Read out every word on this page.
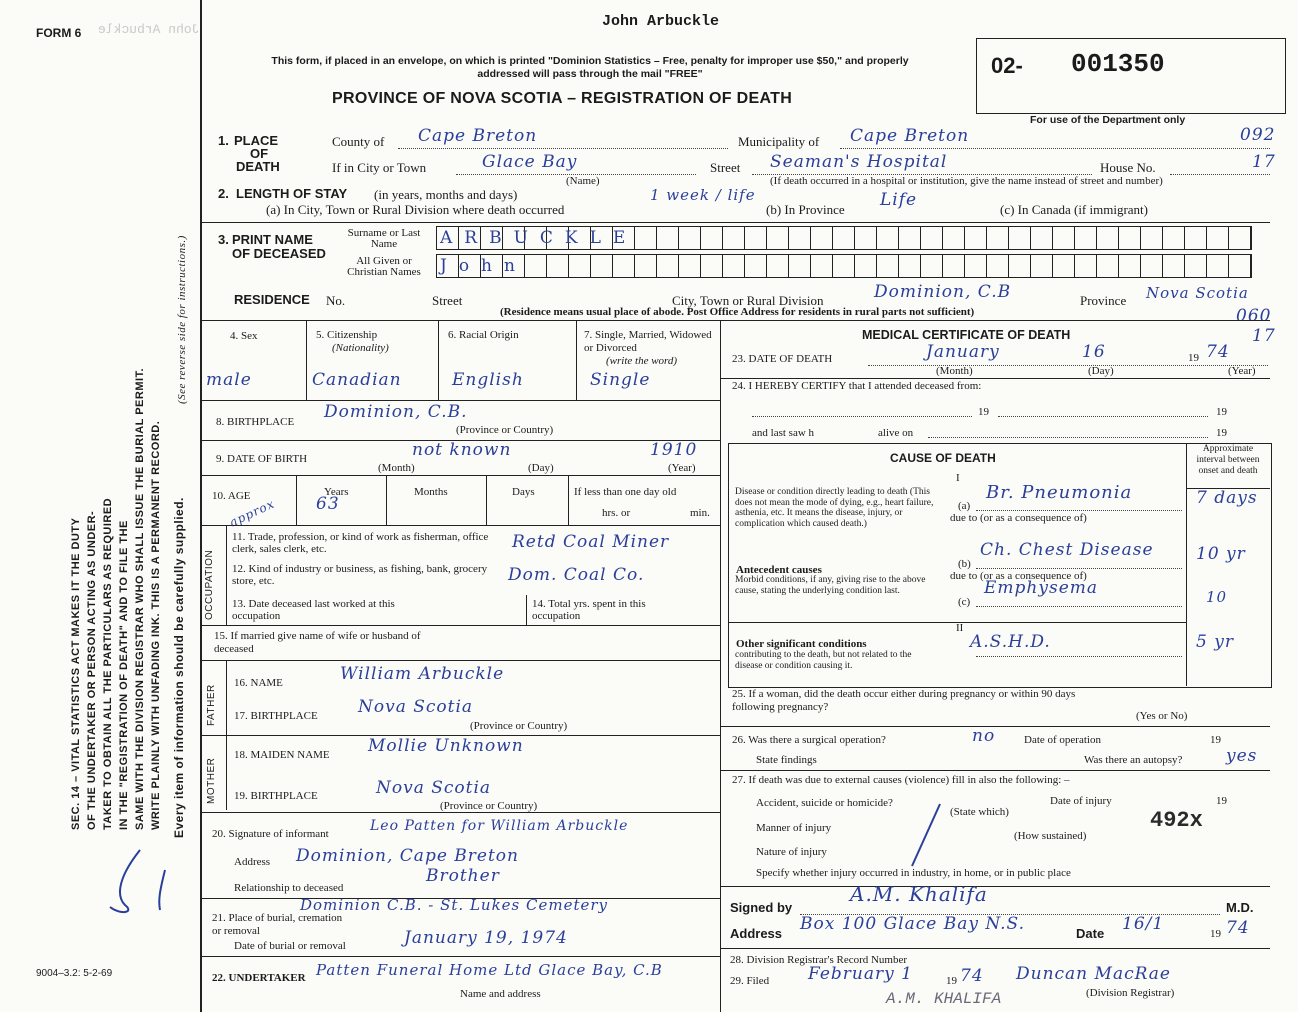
FORM 6 John Arbuckle	John Arbuckle
This form, if placed in an envelope, on which is printed "Dominion Statistics – Free, penalty for improper use $50," and properly addressed will pass through the mail "FREE"
PROVINCE OF NOVA SCOTIA – REGISTRATION OF DEATH
02- 001350
For use of the Department only
092
17
060
17
SEC. 14 – VITAL STATISTICS ACT MAKES IT THE DUTY OF THE UNDERTAKER OR PERSON ACTING AS UNDER- TAKER TO OBTAIN ALL THE PARTICULARS AS REQUIRED IN THE "REGISTRATION OF DEATH" AND TO FILE THE SAME WITH THE DIVISION REGISTRAR WHO SHALL ISSUE THE BURIAL PERMIT. WRITE PLAINLY WITH UNFADING INK. THIS IS A PERMANENT RECORD. Every item of information should be carefully supplied.
(See reverse side for instructions.)
1. PLACE
OF
DEATH
County of Cape Breton	Municipality of Cape Breton
If in City or Town	Glace Bay
(Name)
Street Seaman's Hospital	House No.
(If death occurred in a hospital or institution, give the name instead of street and number)
2. LENGTH OF STAY (in years, months and days)
(a) In City, Town or Rural Division where death occurred
1 week / life
(b) In Province Life	(c) In Canada (if immigrant)
3. PRINT NAME
OF DECEASED
Surname or Last Name
All Given or Christian Names
ARBUCKLE
John
RESIDENCE No.	Street	City, Town or Rural Division	Dominion, C.B	Province Nova Scotia
(Residence means usual place of abode. Post Office Address for residents in rural parts not sufficient)
4. Sex
male
5. Citizenship
(Nationality)
Canadian
6. Racial Origin
English
7. Single, Married, Widowed or Divorced
(write the word)
Single
8. BIRTHPLACE Dominion, C.B.
(Province or Country)
9. DATE OF BIRTH	not known	1910
(Month)	(Day)	(Year)
10. AGE
approx
Years
63
Months	Days	If less than one day old
hrs. or	min.
OCCUPATION
11. Trade, profession, or kind of work as fisherman, office clerk, sales clerk, etc.	Retd Coal Miner
12. Kind of industry or business, as fishing, bank, grocery store, etc.	Dom. Coal Co.
13. Date deceased last worked at this occupation
14. Total yrs. spent in this occupation
15. If married give name of wife or husband of deceased
FATHER
16. NAME	William Arbuckle
17. BIRTHPLACE Nova Scotia
(Province or Country)
MOTHER
18. MAIDEN NAME Mollie Unknown
19. BIRTHPLACE	Nova Scotia
(Province or Country)
20. Signature of informant	Leo Patten for William Arbuckle
Address Dominion, Cape Breton
Relationship to deceased
Brother
21. Place of burial, cremation or removal
Dominion C.B. - St. Lukes Cemetery
Date of burial or removal	January 19, 1974
22. UNDERTAKER Patten Funeral Home Ltd Glace Bay, C.B
Name and address
9004–3.2: 5-2-69
MEDICAL CERTIFICATE OF DEATH
23. DATE OF DEATH	January	16	19 74
(Month)	(Day)	(Year)
24. I HEREBY CERTIFY that I attended deceased from:
19	19
and last saw h	alive on	19
CAUSE OF DEATH
Approximate interval between onset and death
I
Disease or condition directly leading to death (This does not mean the mode of dying, e.g., heart failure, asthenia, etc. It means the disease, injury, or complication which caused death.)
(a)
Br. Pneumonia	7 days
due to (or as a consequence of)
Antecedent causes
Morbid conditions, if any, giving rise to the above cause, stating the underlying condition last.
(b)
Ch. Chest Disease 10 yr
due to (or as a consequence of)
(c)
Emphysema	10
II
Other significant conditions
contributing to the death, but not related to the disease or condition causing it.
A.S.H.D.	5 yr
25. If a woman, did the death occur either during pregnancy or within 90 days following pregnancy?
(Yes or No)
26. Was there a surgical operation?	no	Date of operation	19
State findings	Was there an autopsy?	yes
27. If death was due to external causes (violence) fill in also the following: –
Accident, suicide or homicide?
(State which)
Date of injury	19
Manner of injury
(How sustained)
492x
Nature of injury
Specify whether injury occurred in industry, in home, or in public place
Signed by
A.M. Khalifa
M.D.
Address Box 100 Glace Bay N.S.	Date 16/1	19 74
28. Division Registrar's Record Number
29. Filed February 1	19 74 Duncan MacRae
(Division Registrar)
A.M. KHALIFA
